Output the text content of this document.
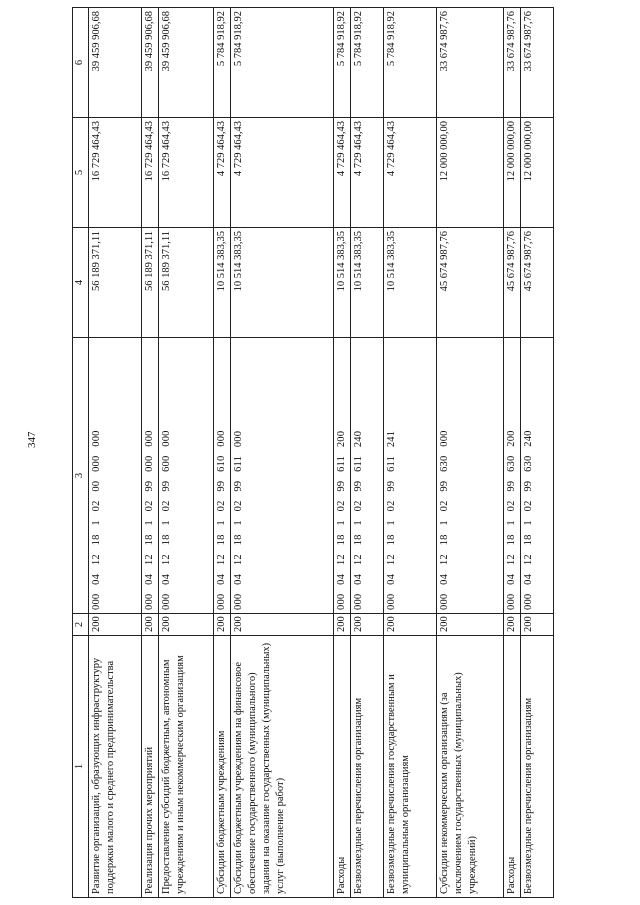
347
1	2	3	4	5	6
Развитие организаций, образующих инфраструктуру поддержки малого и среднего предпринимательства	200	000 04 12 18 1 02 00 000 000	56 189 371,11	16 729 464,43	39 459 906,68
Реализация прочих мероприятий	200	000 04 12 18 1 02 99 000 000	56 189 371,11	16 729 464,43	39 459 906,68
Предоставление субсидий бюджетным, автономным учреждениям и иным некоммерческим организациям	200	000 04 12 18 1 02 99 600 000	56 189 371,11	16 729 464,43	39 459 906,68
Субсидии бюджетным учреждениям	200	000 04 12 18 1 02 99 610 000	10 514 383,35	4 729 464,43	5 784 918,92
Субсидии бюджетным учреждениям на финансовое обеспечение государственного (муниципального) задания на оказание государственных (муниципальных) услуг (выполнение работ)	200	000 04 12 18 1 02 99 611 000	10 514 383,35	4 729 464,43	5 784 918,92
Расходы	200	000 04 12 18 1 02 99 611 200	10 514 383,35	4 729 464,43	5 784 918,92
Безвозмездные перечисления организациям	200	000 04 12 18 1 02 99 611 240	10 514 383,35	4 729 464,43	5 784 918,92
Безвозмездные перечисления государственным и муниципальным организациям	200	000 04 12 18 1 02 99 611 241	10 514 383,35	4 729 464,43	5 784 918,92
Субсидии некоммерческим организациям (за исключением государственных (муниципальных) учреждений)	200	000 04 12 18 1 02 99 630 000	45 674 987,76	12 000 000,00	33 674 987,76
Расходы	200	000 04 12 18 1 02 99 630 200	45 674 987,76	12 000 000,00	33 674 987,76
Безвозмездные перечисления организациям	200	000 04 12 18 1 02 99 630 240	45 674 987,76	12 000 000,00	33 674 987,76
